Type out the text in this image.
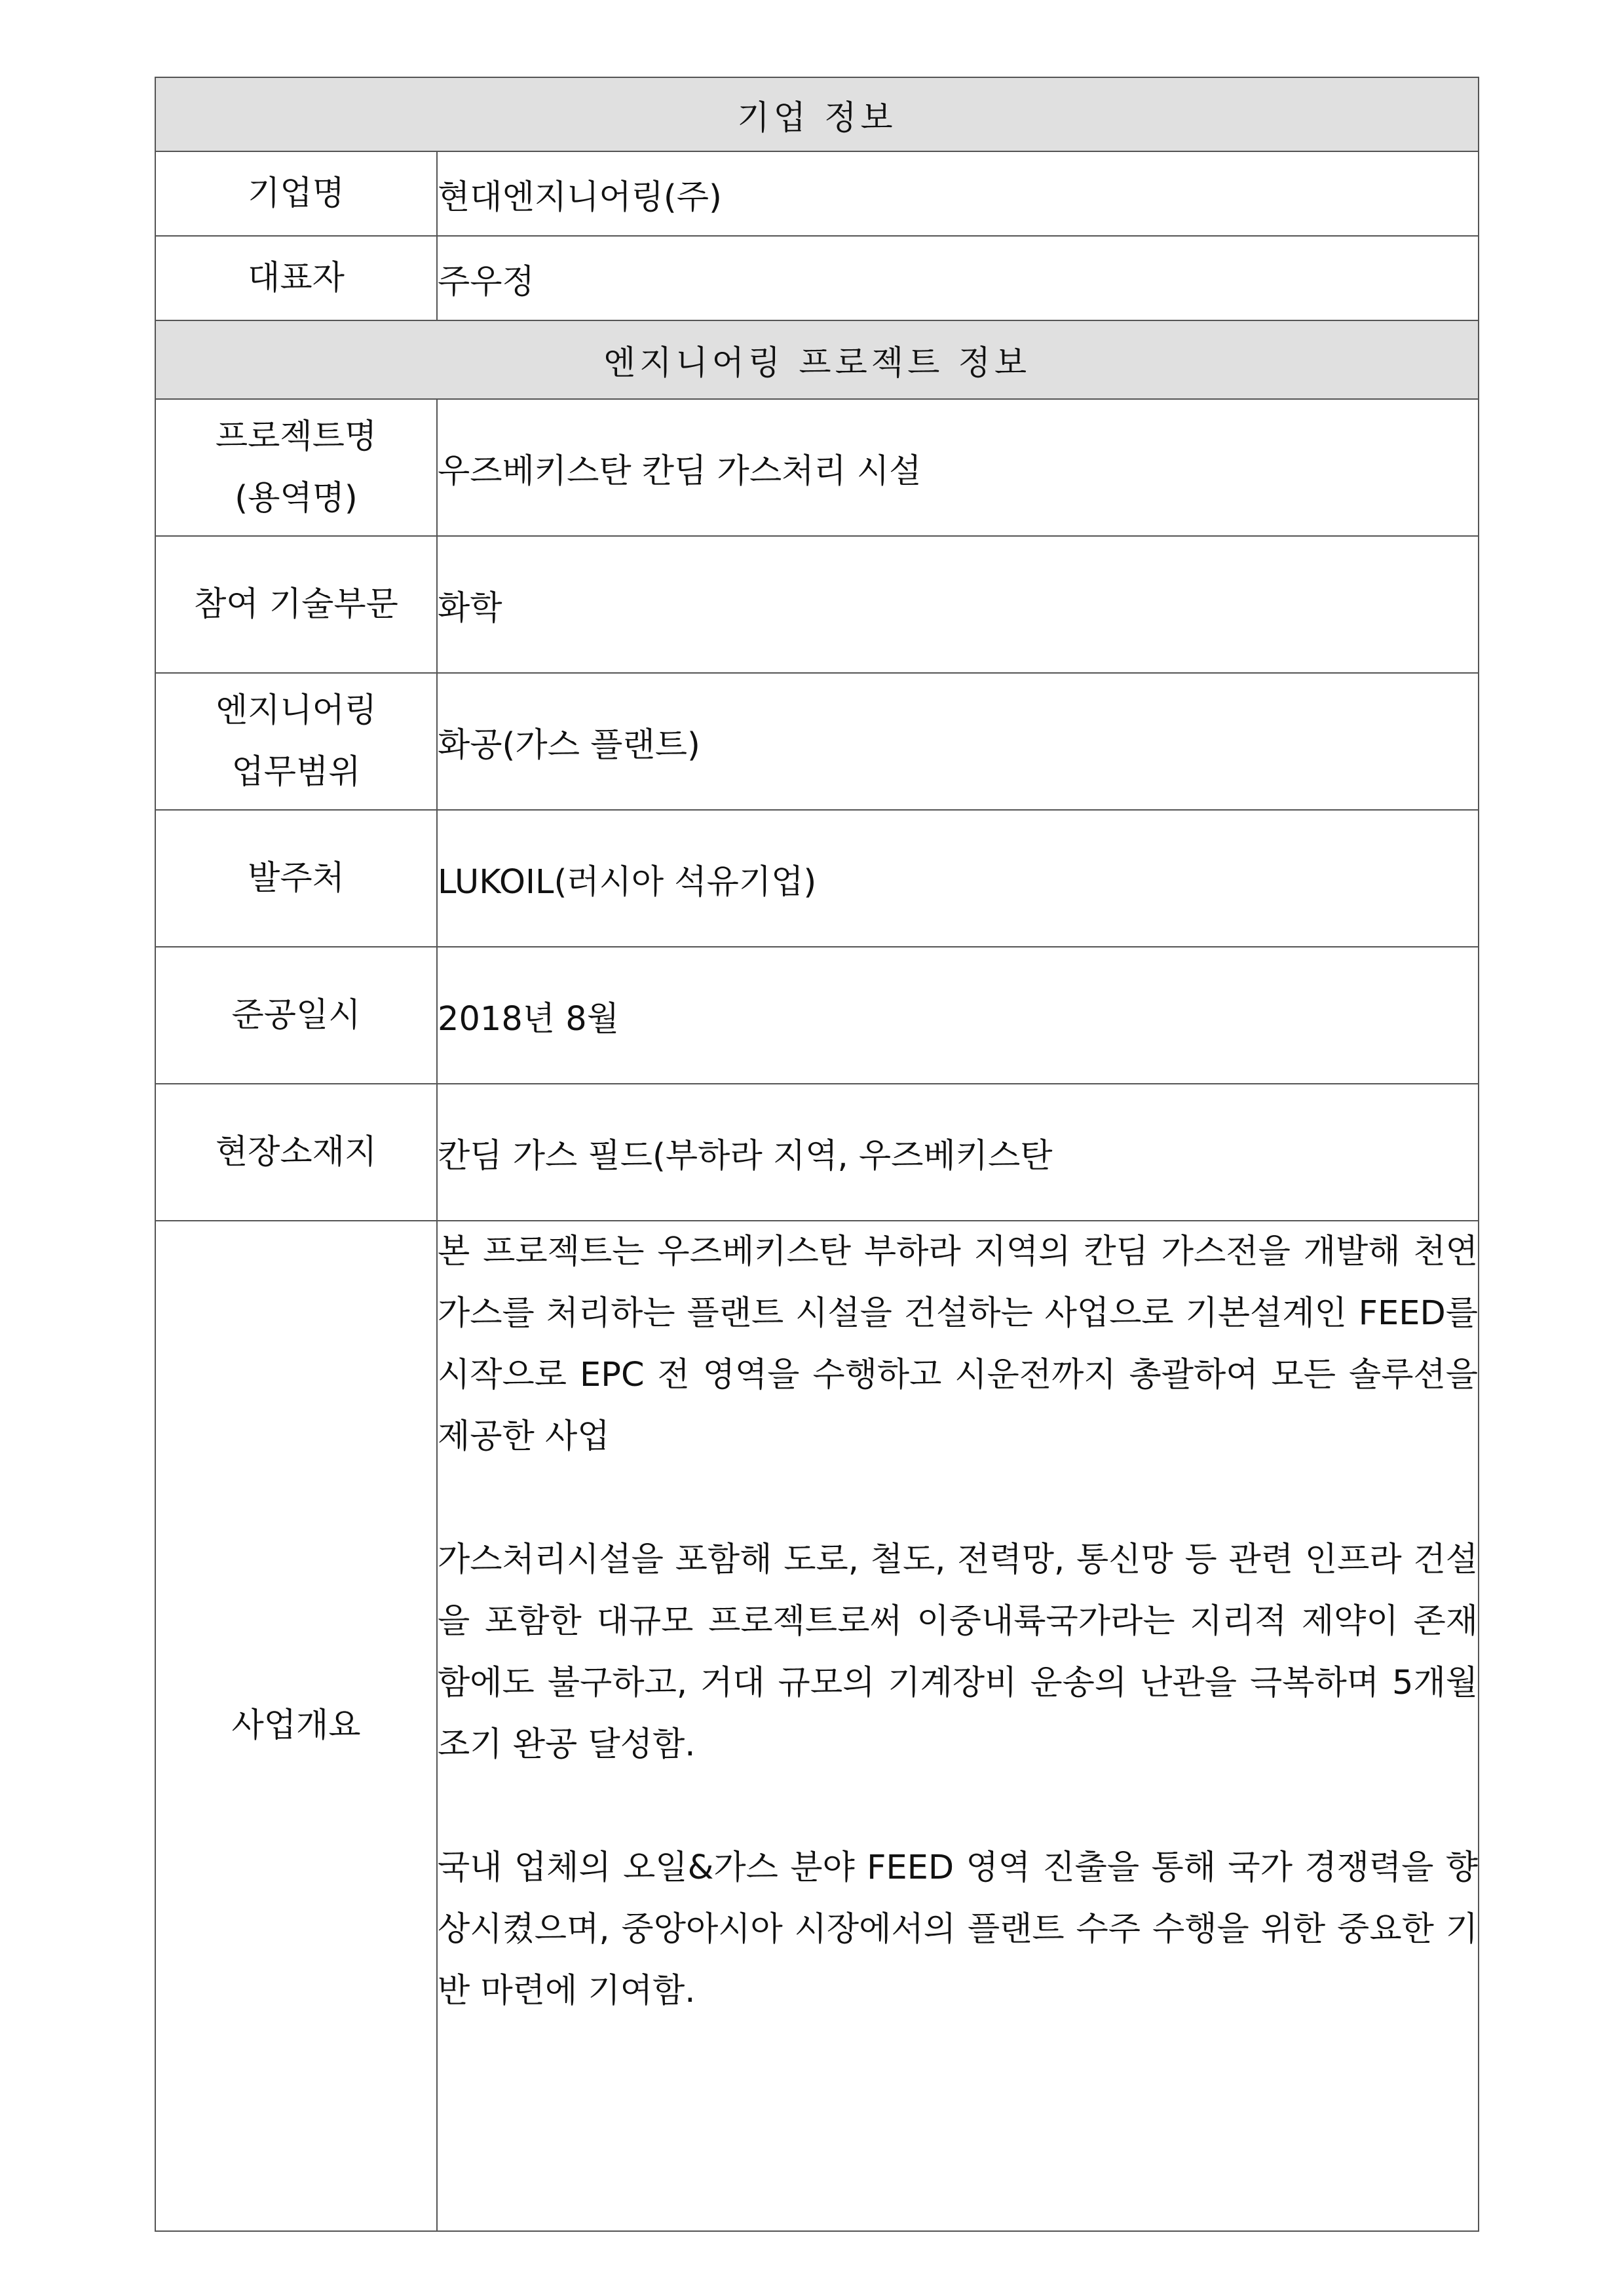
기업 정보	
기업명	현대엔지니어링(주)
대표자	주우정
엔지니어링 프로젝트 정보	

프로젝트명
(용역명)	우즈베키스탄 칸딤 가스처리 시설
참여 기술부문	화학

엔지니어링
업무범위	화공(가스 플랜트)
발주처	LUKOIL(러시아 석유기업)
준공일시	2018년 8월
현장소재지	칸딤 가스 필드(부하라 지역, 우즈베키스탄
사업개요	본 프로젝트는 우즈베키스탄 부하라 지역의 칸딤 가스전을 개발해 천연가스를 처리하는 플랜트 시설을 건설하는 사업으로 기본설계인 FEED를 시작으로 EPC 전 영역을 수행하고 시운전까지 총괄하여 모든 솔루션을 제공한 사업

가스처리시설을 포함해 도로, 철도, 전력망, 통신망 등 관련 인프라 건설을 포함한 대규모 프로젝트로써 이중내륙국가라는 지리적 제약이 존재함에도 불구하고, 거대 규모의 기계장비 운송의 난관을 극복하며 5개월 조기 완공 달성함.

국내 업체의 오일&가스 분야 FEED 영역 진출을 통해 국가 경쟁력을 향상시켰으며, 중앙아시아 시장에서의 플랜트 수주 수행을 위한 중요한 기반 마련에 기여함.
